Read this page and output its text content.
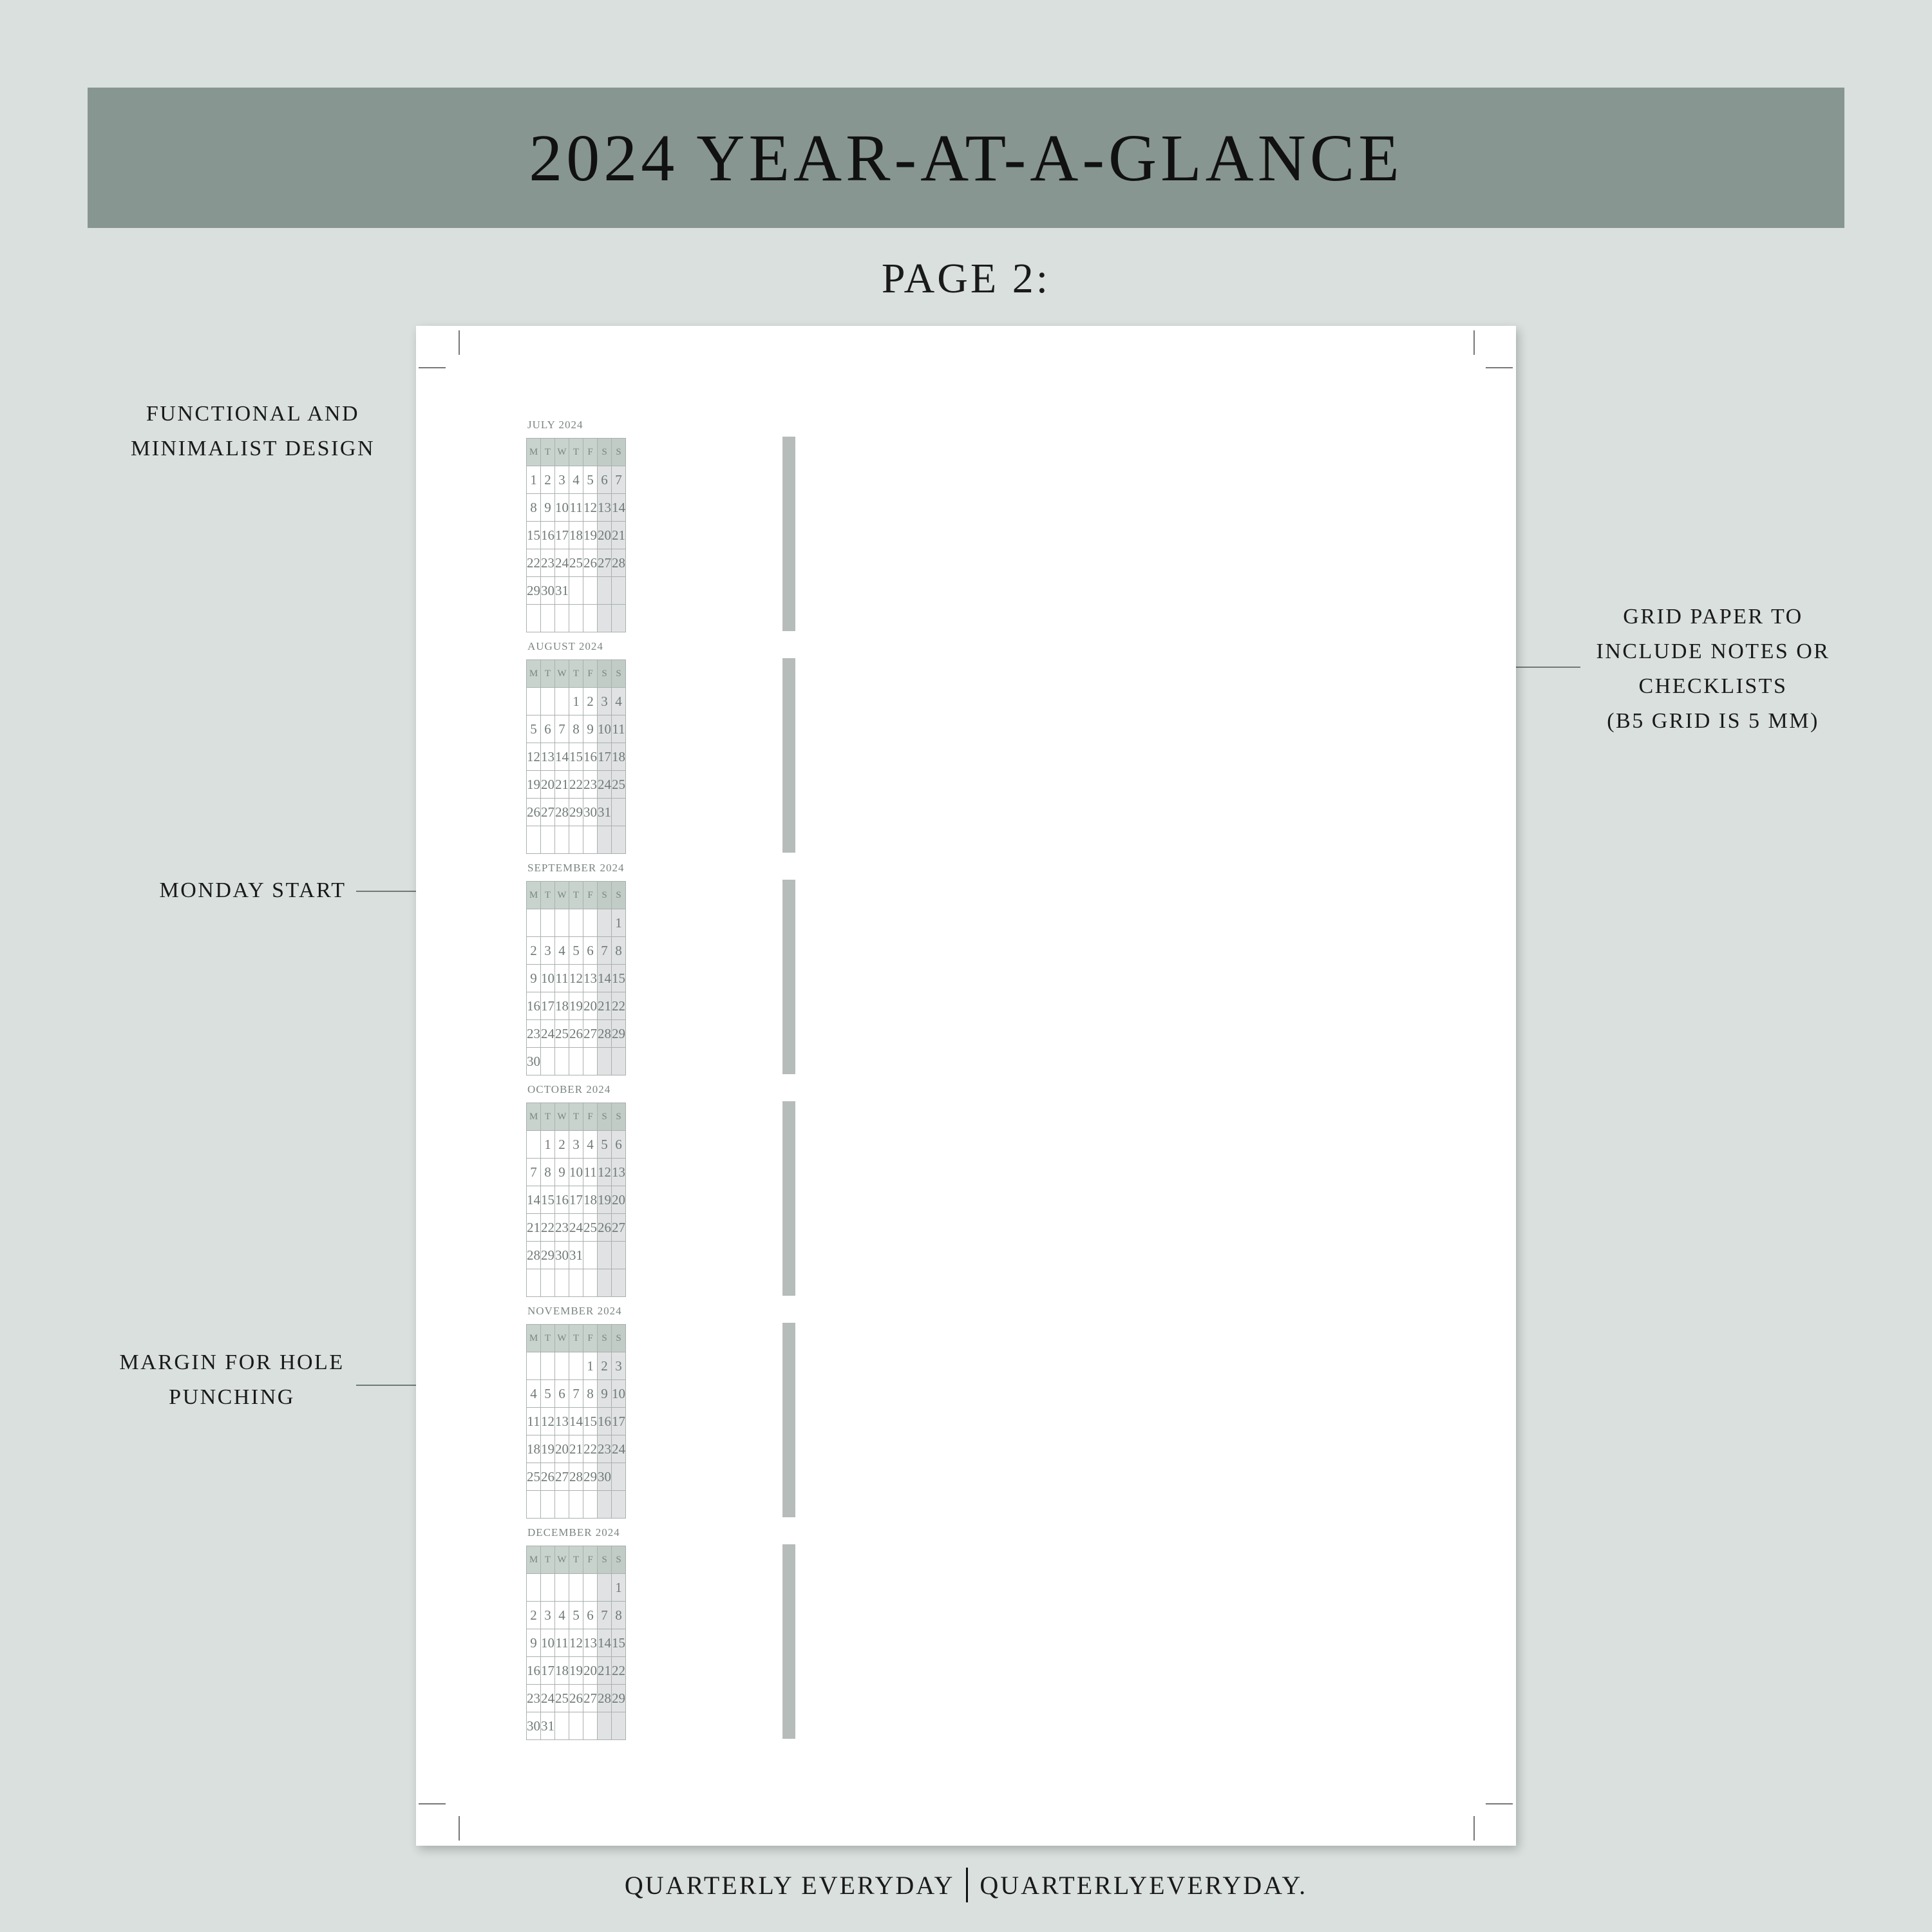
2024 YEAR-AT-A-GLANCE
PAGE 2:
FUNCTIONAL AND
MINIMALIST DESIGN
MONDAY START
MARGIN FOR HOLE
PUNCHING
GRID PAPER TO
INCLUDE NOTES OR
CHECKLISTS
(B5 GRID IS 5 MM)
JULY 2024
M	T	W	T	F	S	S
1	2	3	4	5	6	7
8	9	10	11	12	13	14
15	16	17	18	19	20	21
22	23	24	25	26	27	28
29	30	31				

AUGUST 2024
M	T	W	T	F	S	S
			1	2	3	4
5	6	7	8	9	10	11
12	13	14	15	16	17	18
19	20	21	22	23	24	25
26	27	28	29	30	31	

SEPTEMBER 2024
M	T	W	T	F	S	S
						1
2	3	4	5	6	7	8
9	10	11	12	13	14	15
16	17	18	19	20	21	22
23	24	25	26	27	28	29
30						

OCTOBER 2024
M	T	W	T	F	S	S
	1	2	3	4	5	6
7	8	9	10	11	12	13
14	15	16	17	18	19	20
21	22	23	24	25	26	27
28	29	30	31			

NOVEMBER 2024
M	T	W	T	F	S	S
				1	2	3
4	5	6	7	8	9	10
11	12	13	14	15	16	17
18	19	20	21	22	23	24
25	26	27	28	29	30	

DECEMBER 2024
M	T	W	T	F	S	S
						1
2	3	4	5	6	7	8
9	10	11	12	13	14	15
16	17	18	19	20	21	22
23	24	25	26	27	28	29
30	31					

QUARTERLY EVERYDAY QUARTERLYEVERYDAY.
